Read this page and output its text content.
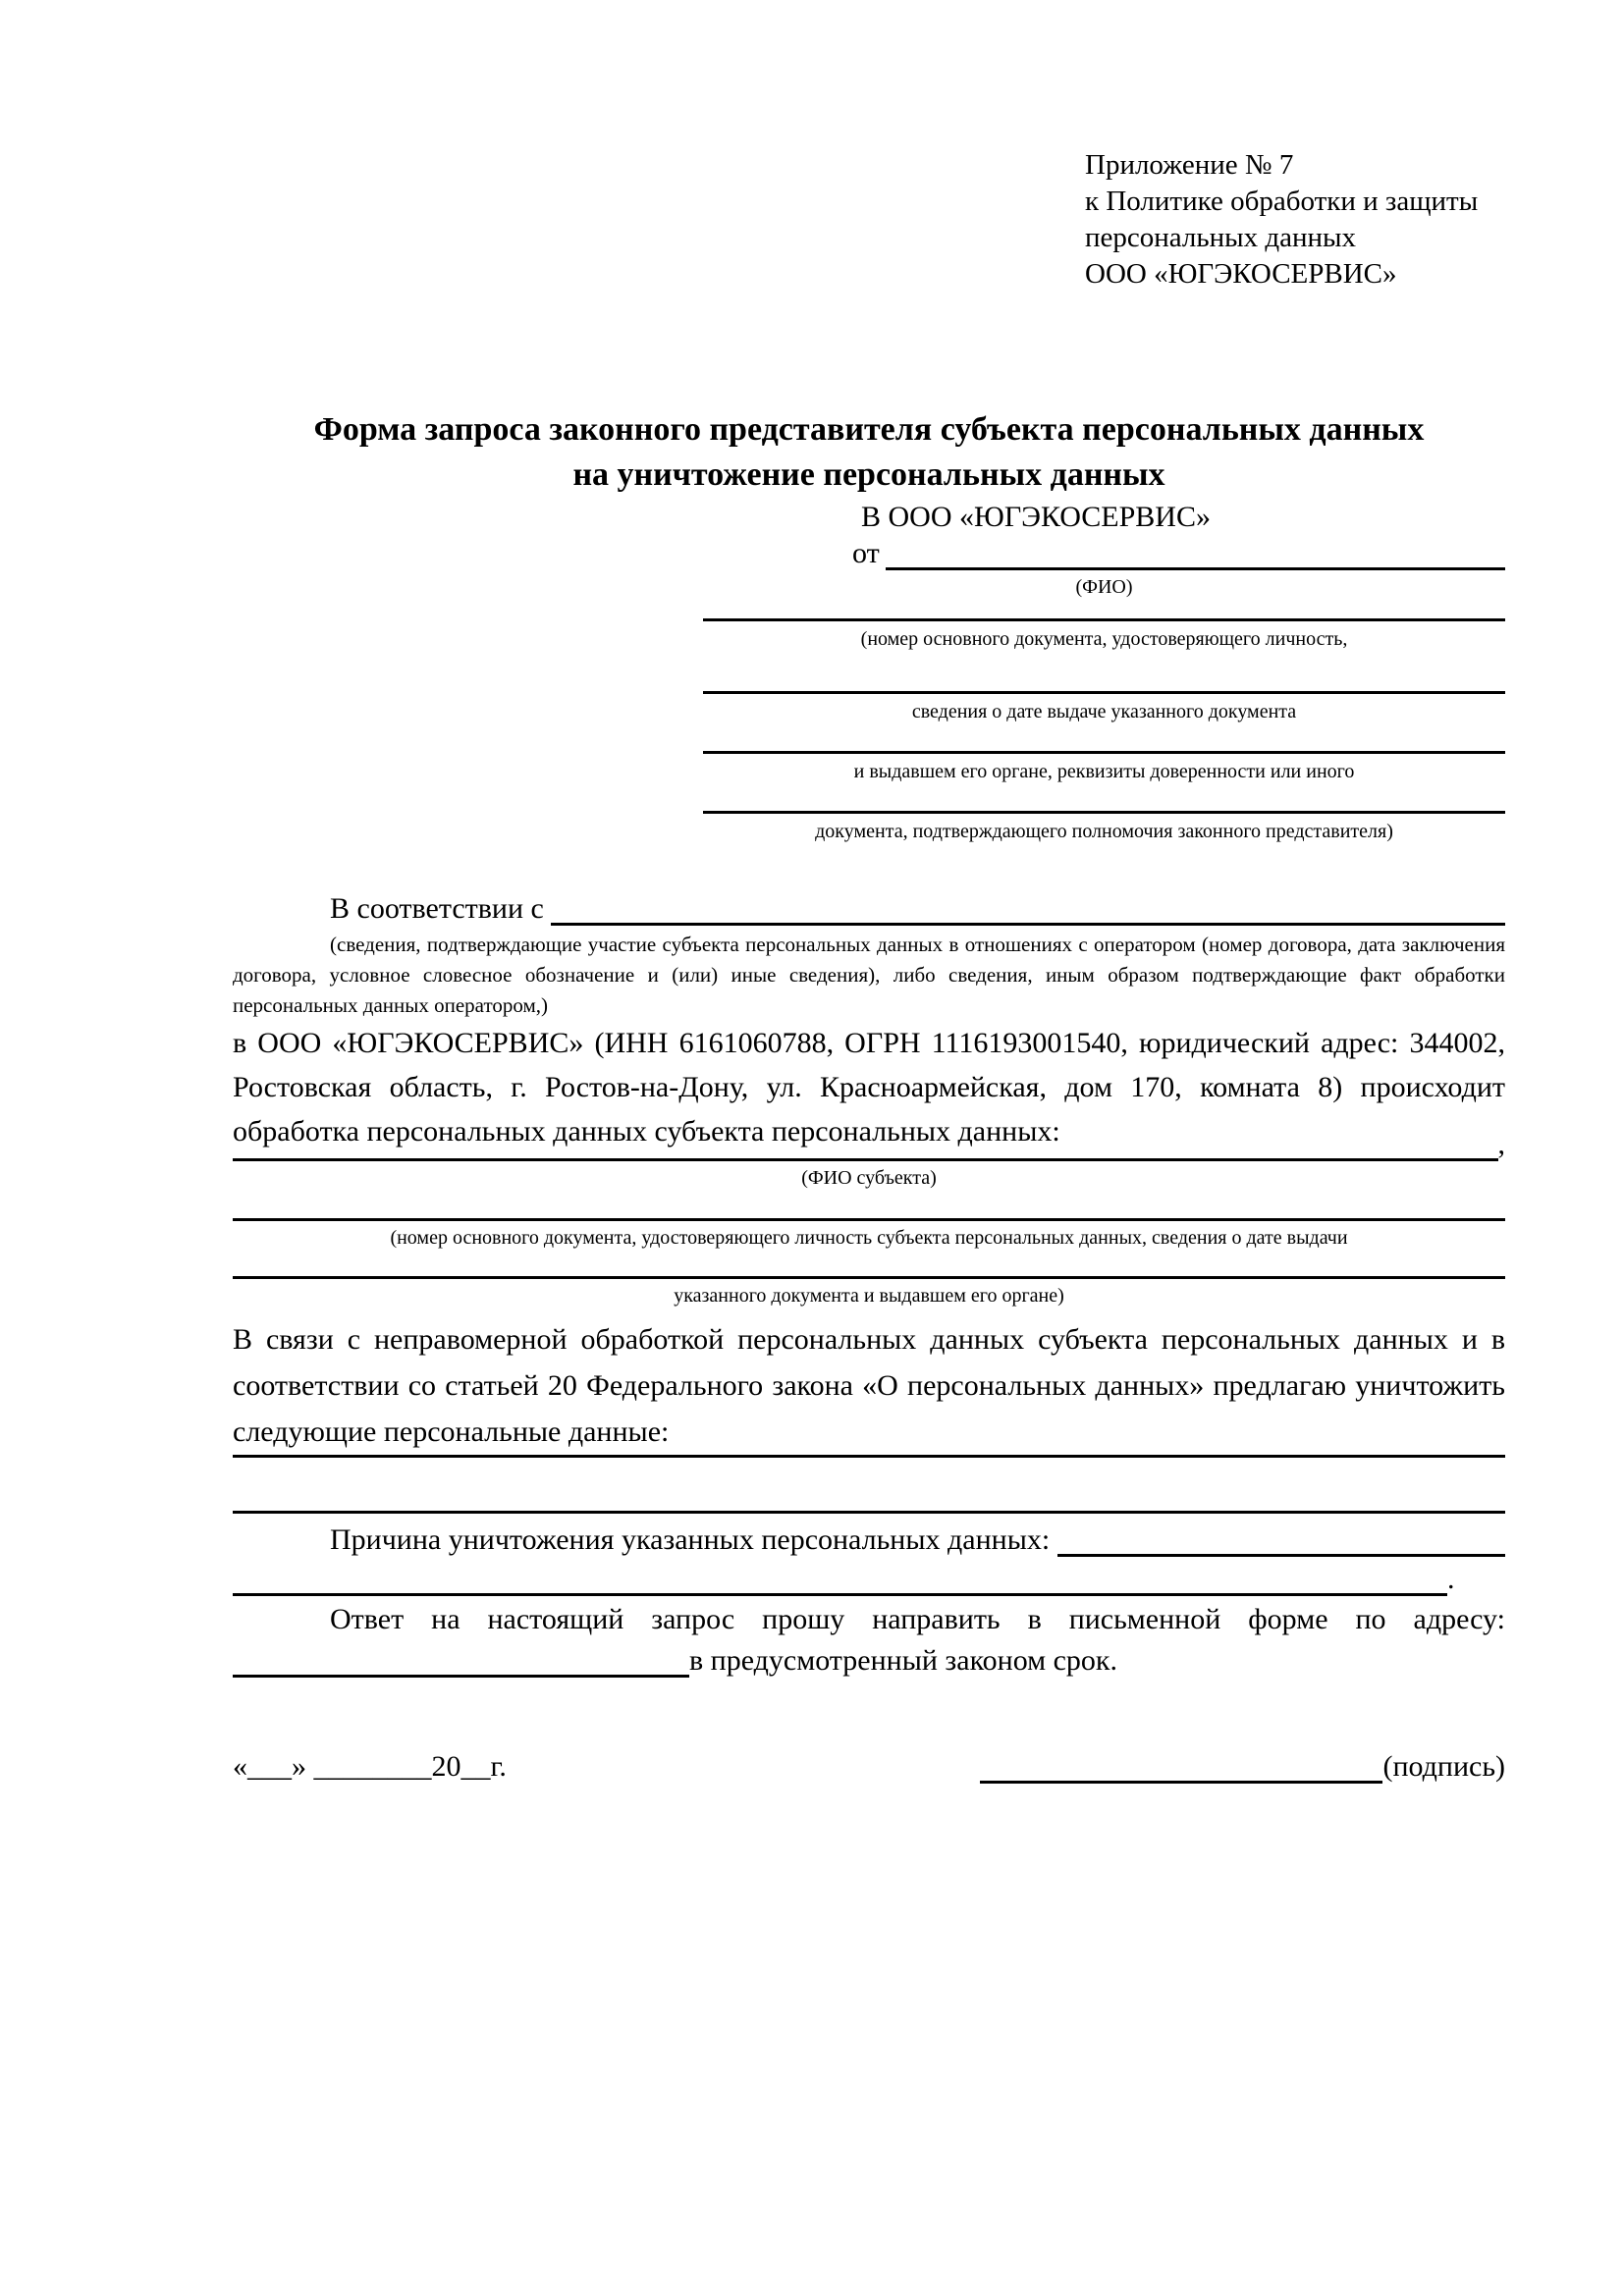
Приложение № 7
к Политике обработки и защиты
персональных данных
ООО «ЮГЭКОСЕРВИС»
Форма запроса законного представителя субъекта персональных данных
на уничтожение персональных данных
В ООО «ЮГЭКОСЕРВИС»
от
(ФИО)
(номер основного документа, удостоверяющего личность,
сведения о дате выдаче указанного документа
и выдавшем его органе, реквизиты доверенности или иного
документа, подтверждающего полномочия законного представителя)
В соответствии с

(сведения, подтверждающие участие субъекта персональных данных в отношениях с оператором (номер договора, дата заключения договора, условное словесное обозначение и (или) иные сведения), либо сведения, иным образом подтверждающие факт обработки персональных данных оператором,)
в ООО «ЮГЭКОСЕРВИС» (ИНН 6161060788, ОГРН 1116193001540, юридический адрес: 344002, Ростовская область, г. Ростов-на-Дону, ул. Красноармейская, дом 170, комната 8) происходит обработка персональных данных субъекта персональных данных:	,
(ФИО субъекта)
(номер основного документа, удостоверяющего личность субъекта персональных данных, сведения о дате выдачи
указанного документа и выдавшем его органе)
В связи с неправомерной обработкой персональных данных субъекта персональных данных и в соответствии со статьей 20 Федерального закона «О персональных данных» предлагаю уничтожить следующие персональные данные:
Причина уничтожения указанных персональных данных:
.
Ответ на настоящий запрос прошу направить в письменной форме по адресу:
в предусмотренный законом срок.
«___» ________20__г.	(подпись)
